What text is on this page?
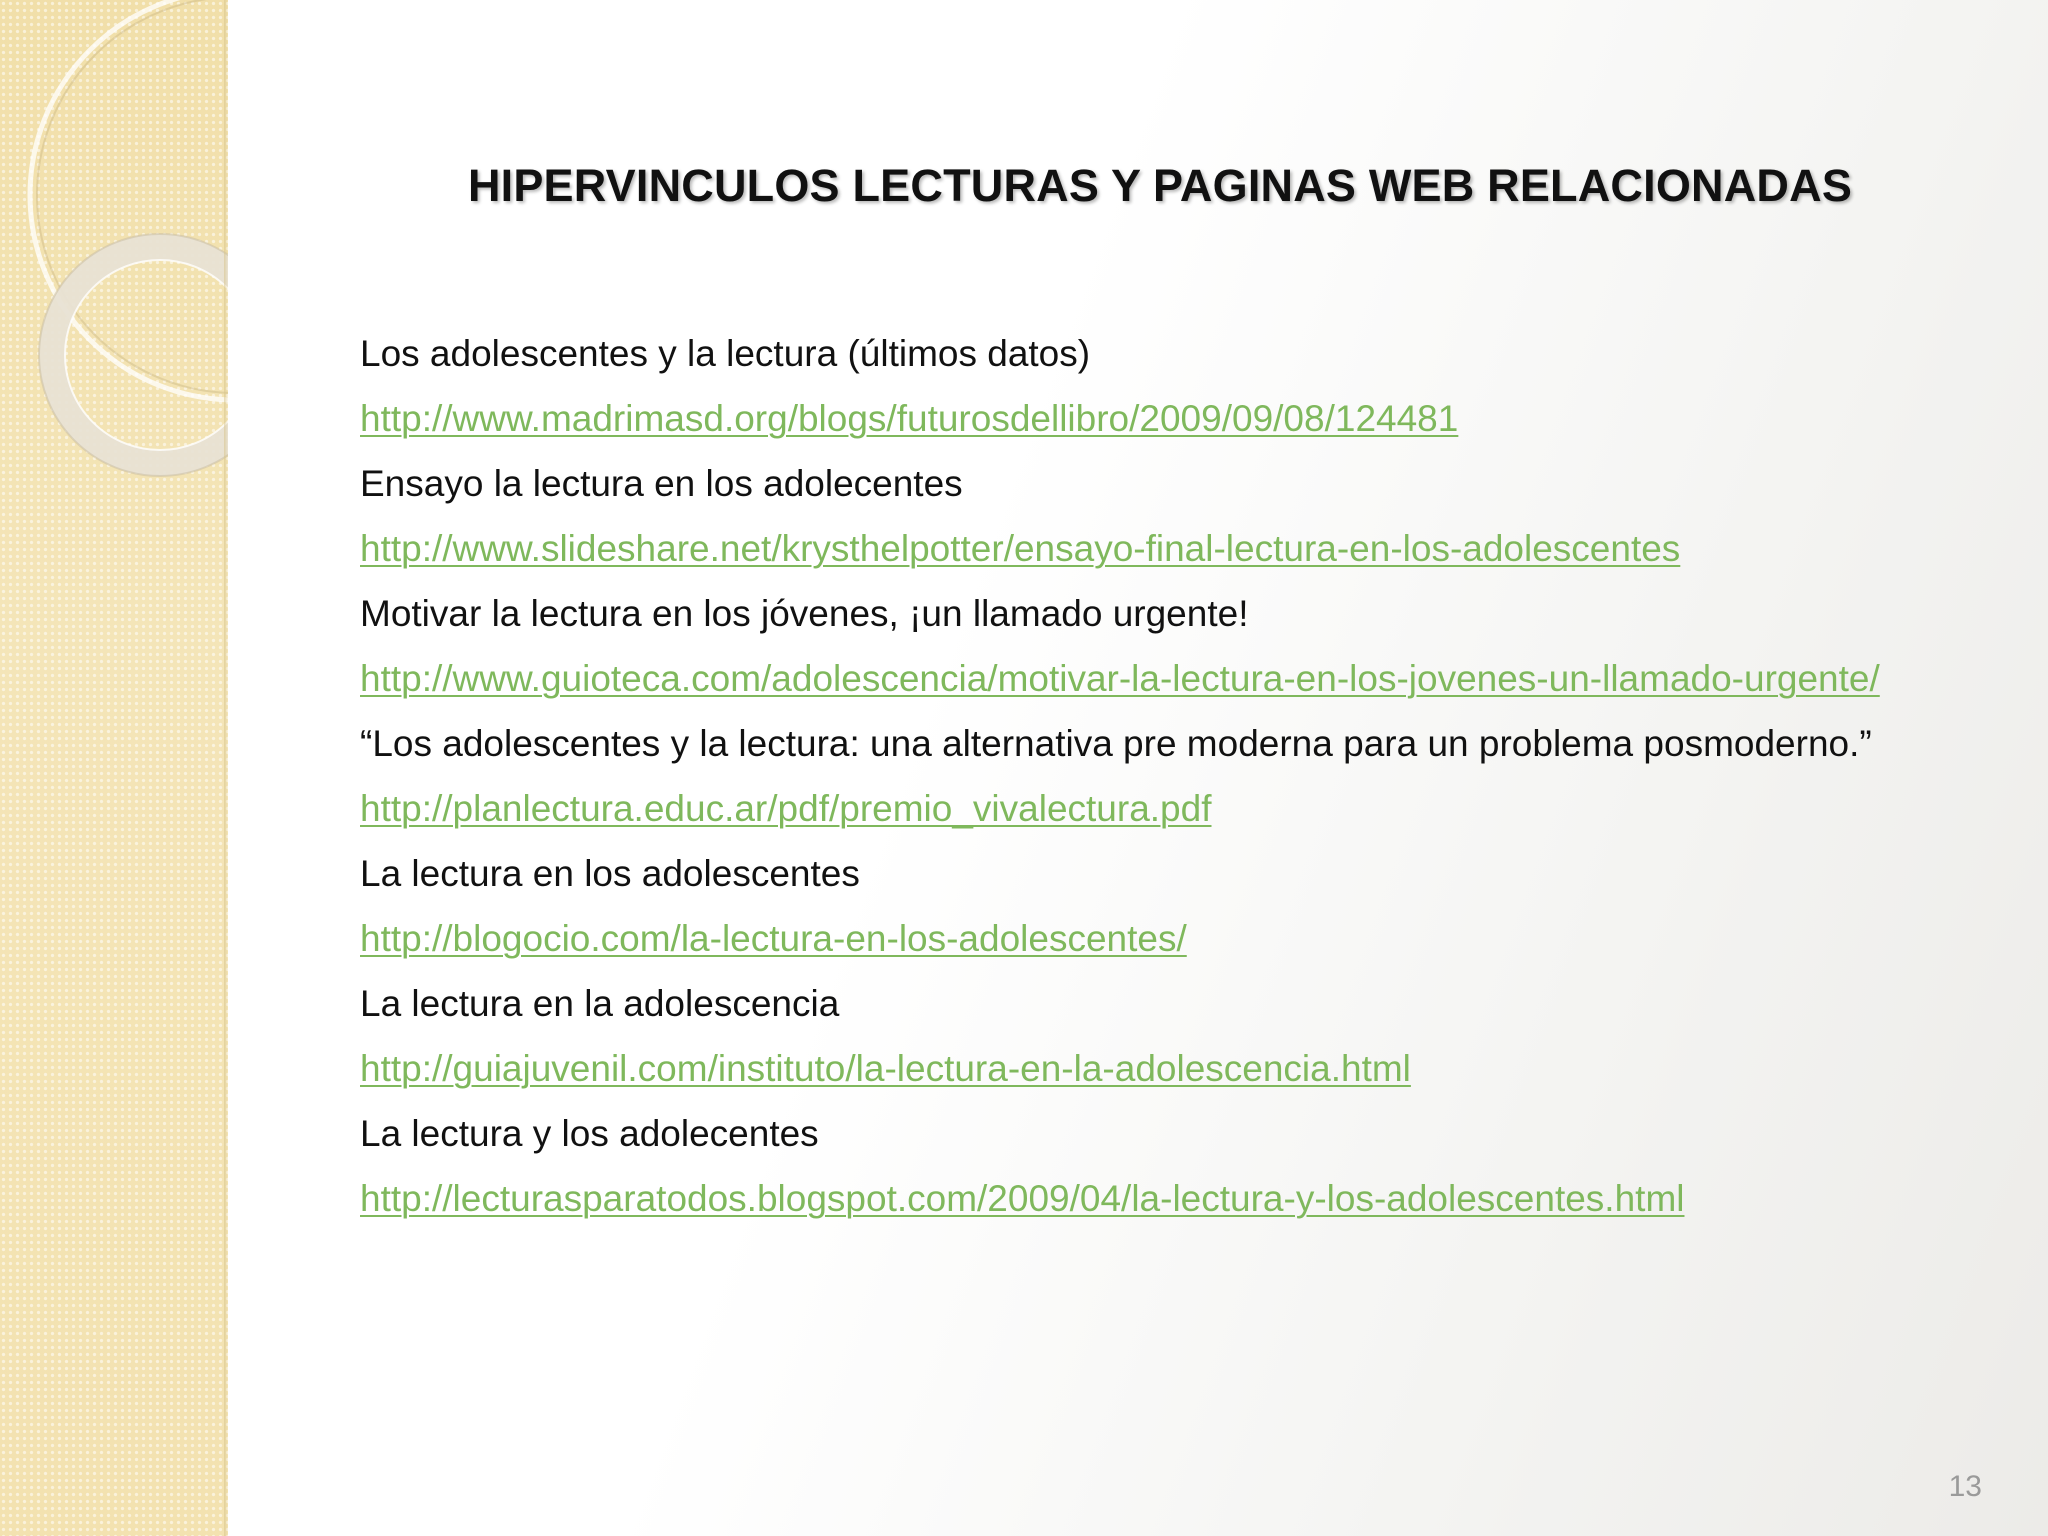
HIPERVINCULOS LECTURAS Y PAGINAS WEB RELACIONADAS

Los adolescentes y la lectura (últimos datos)

http://www.madrimasd.org/blogs/futurosdellibro/2009/09/08/124481

Ensayo la lectura en los adolecentes

http://www.slideshare.net/krysthelpotter/ensayo-final-lectura-en-los-adolescentes

Motivar la lectura en los jóvenes, ¡un llamado urgente!

http://www.guioteca.com/adolescencia/motivar-la-lectura-en-los-jovenes-un-llamado-urgente/

“Los adolescentes y la lectura: una alternativa pre moderna para un problema posmoderno.”

http://planlectura.educ.ar/pdf/premio_vivalectura.pdf

La lectura en los adolescentes

http://blogocio.com/la-lectura-en-los-adolescentes/

La lectura en la adolescencia

http://guiajuvenil.com/instituto/la-lectura-en-la-adolescencia.html

La lectura y los adolecentes

http://lecturasparatodos.blogspot.com/2009/04/la-lectura-y-los-adolescentes.html

13
